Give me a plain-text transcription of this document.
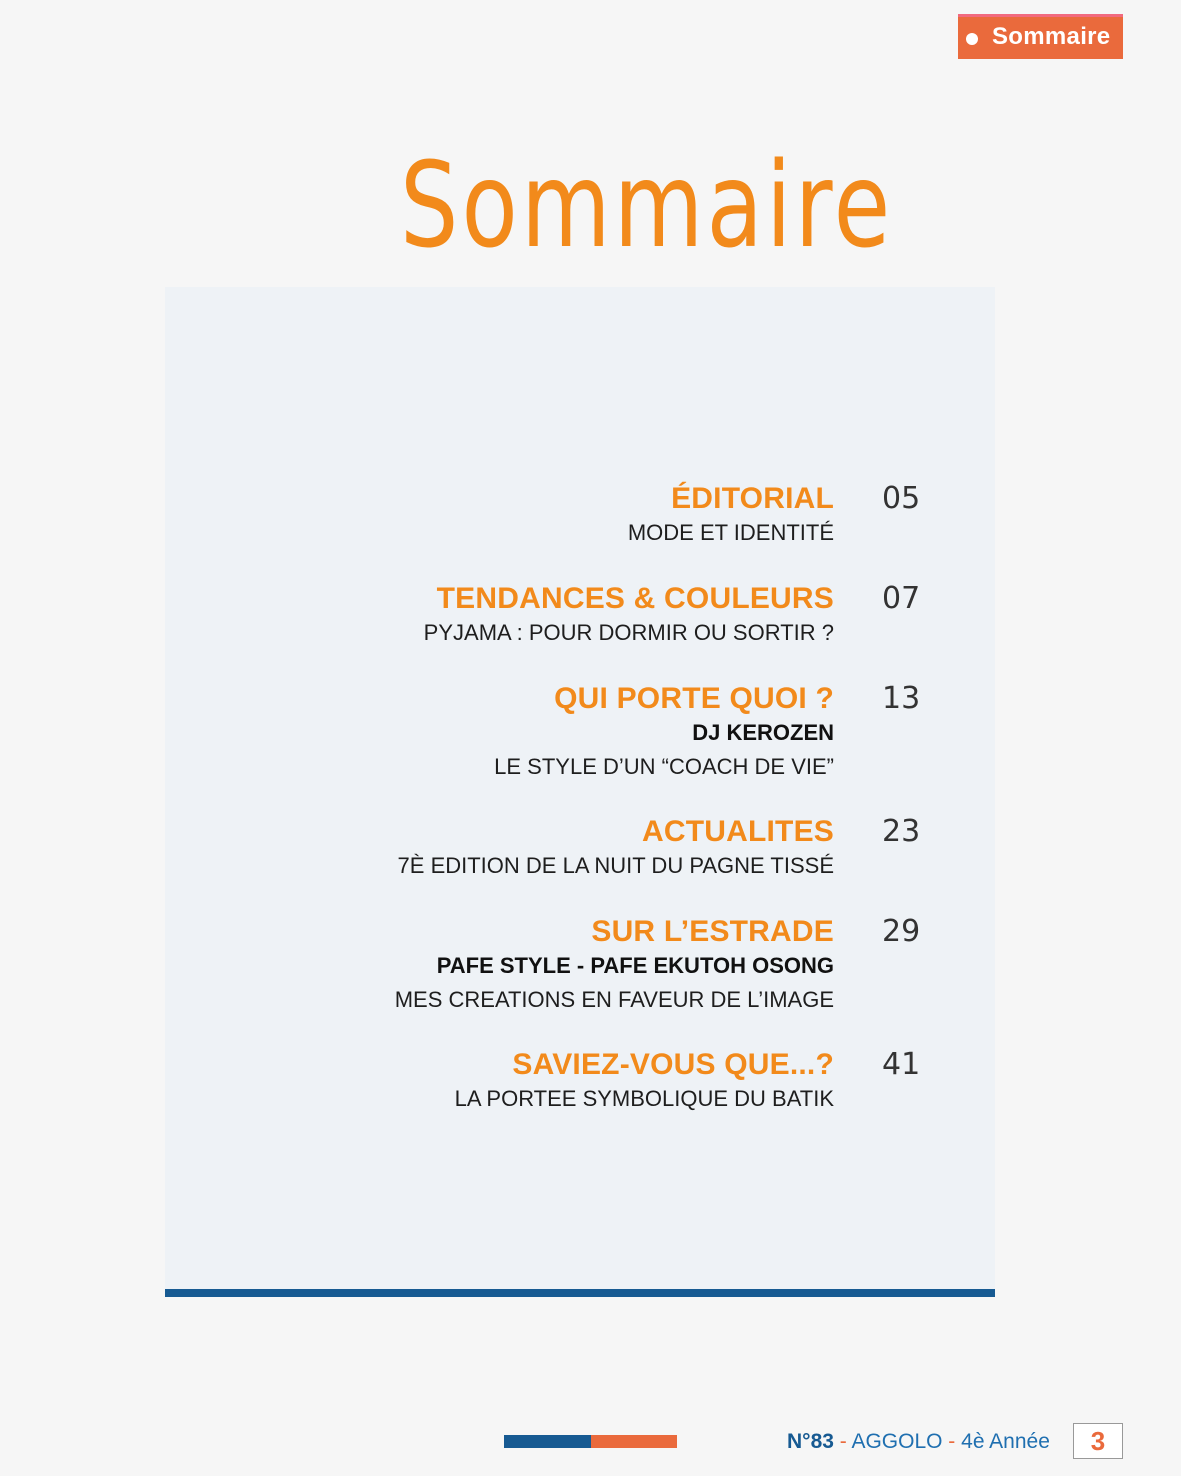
Sommaire
Sommaire
ÉDITORIAL
MODE ET IDENTITÉ
05
TENDANCES & COULEURS
PYJAMA : POUR DORMIR OU SORTIR ?
07
QUI PORTE QUOI ?
DJ KEROZEN
LE STYLE D’UN “COACH DE VIE”
13
ACTUALITES
7È EDITION DE LA NUIT DU PAGNE TISSÉ
23
SUR L’ESTRADE
PAFE STYLE - PAFE EKUTOH OSONG
MES CREATIONS EN FAVEUR DE L’IMAGE
29
SAVIEZ-VOUS QUE...?
LA PORTEE SYMBOLIQUE DU BATIK
41
N°83 - AGGOLO - 4è Année	3
